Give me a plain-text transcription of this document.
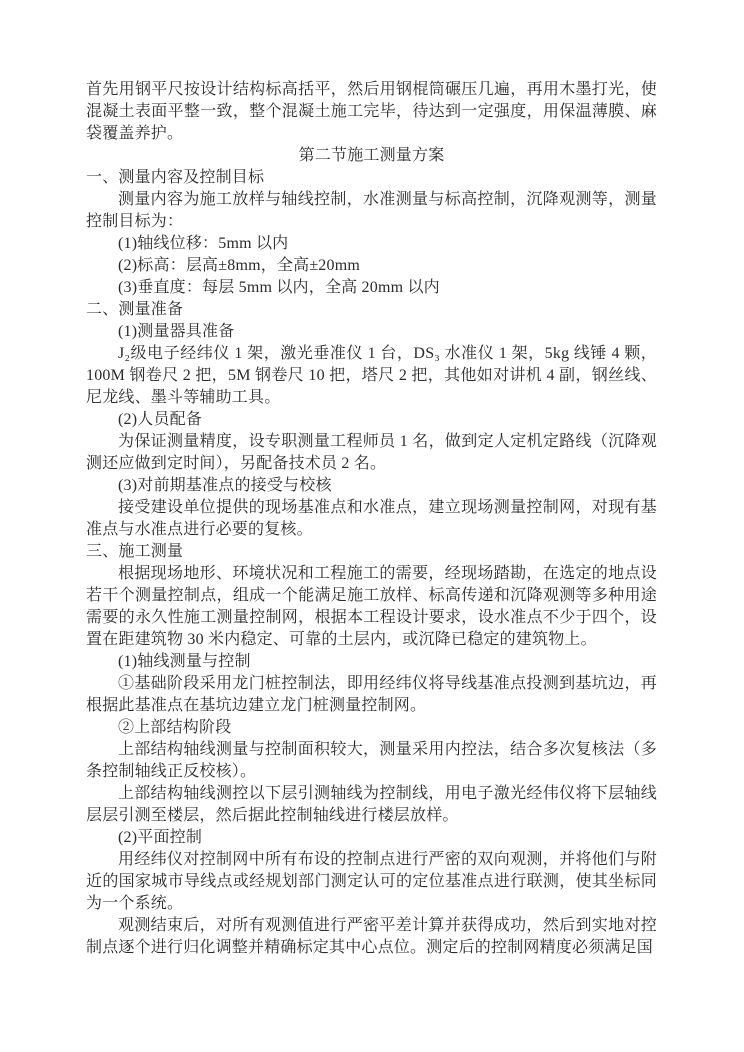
首先用钢平尺按设计结构标高括平，然后用钢棍筒碾压几遍，再用木墨打光，使混凝土表面平整一致，整个混凝土施工完毕，待达到一定强度，用保温薄膜、麻袋覆盖养护。

第二节施工测量方案

一、测量内容及控制目标

测量内容为施工放样与轴线控制，水准测量与标高控制，沉降观测等，测量控制目标为：

(1)轴线位移：5mm 以内

(2)标高：层高±8mm，全高±20mm

(3)垂直度：每层 5mm 以内，全高 20mm 以内

二、测量准备

(1)测量器具准备

J₂级电子经纬仪 1 架，激光垂准仪 1 台，DS₃ 水准仪 1 架，5kg 线锤 4 颗，100M 钢卷尺 2 把，5M 钢卷尺 10 把，塔尺 2 把，其他如对讲机 4 副，钢丝线、尼龙线、墨斗等辅助工具。

(2)人员配备

为保证测量精度，设专职测量工程师员 1 名，做到定人定机定路线（沉降观测还应做到定时间），另配备技术员 2 名。

(3)对前期基准点的接受与校核

接受建设单位提供的现场基准点和水准点，建立现场测量控制网，对现有基准点与水准点进行必要的复核。

三、施工测量

根据现场地形、环境状况和工程施工的需要，经现场踏勘，在选定的地点设若干个测量控制点，组成一个能满足施工放样、标高传递和沉降观测等多种用途需要的永久性施工测量控制网，根据本工程设计要求，设水准点不少于四个，设置在距建筑物 30 米内稳定、可靠的土层内，或沉降已稳定的建筑物上。

(1)轴线测量与控制

①基础阶段采用龙门桩控制法，即用经纬仪将导线基准点投测到基坑边，再根据此基准点在基坑边建立龙门桩测量控制网。

②上部结构阶段

上部结构轴线测量与控制面积较大，测量采用内控法，结合多次复核法（多条控制轴线正反校核）。

上部结构轴线测控以下层引测轴线为控制线，用电子激光经伟仪将下层轴线层层引测至楼层，然后据此控制轴线进行楼层放样。

(2)平面控制

用经纬仪对控制网中所有布设的控制点进行严密的双向观测，并将他们与附近的国家城市导线点或经规划部门测定认可的定位基准点进行联测，使其坐标同为一个系统。

观测结束后，对所有观测值进行严密平差计算并获得成功，然后到实地对控制点逐个进行归化调整并精确标定其中心点位。测定后的控制网精度必须满足国
